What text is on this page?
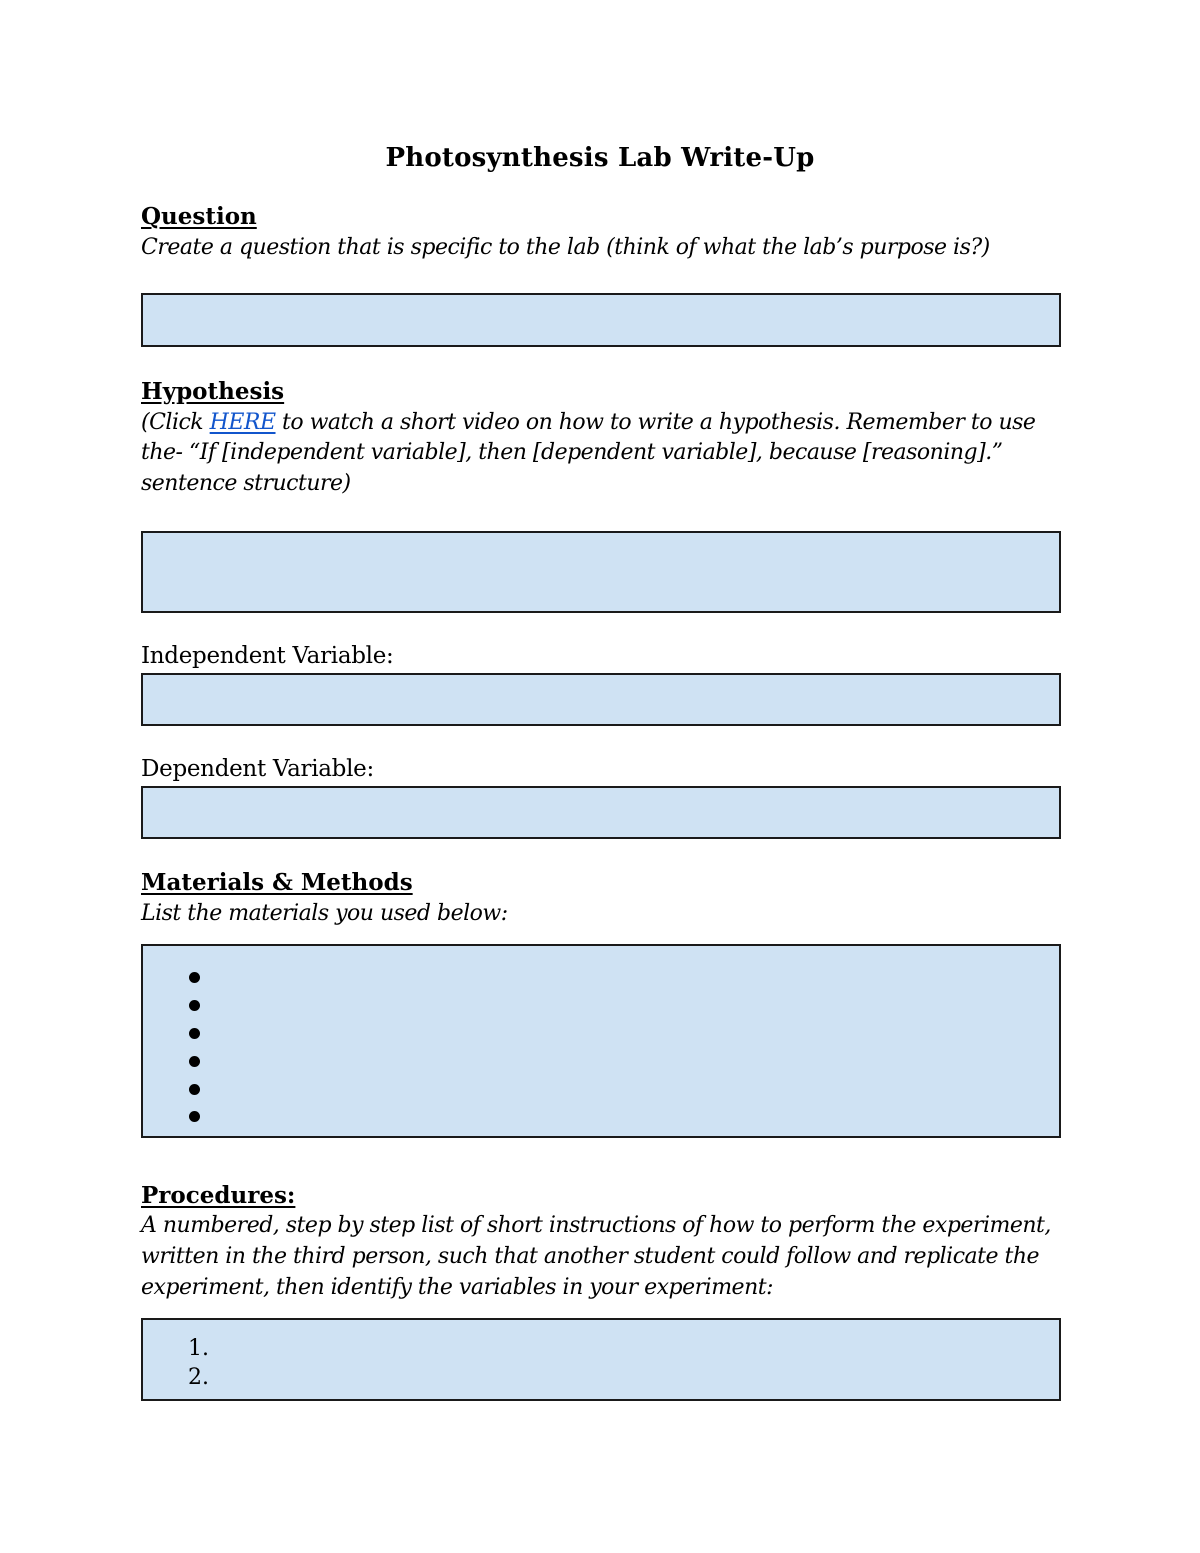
Photosynthesis Lab Write-Up
Question
Create a question that is specific to the lab (think of what the lab’s purpose is?)
Hypothesis
(Click HERE to watch a short video on how to write a hypothesis. Remember to use
the- “If [independent variable], then [dependent variable], because [reasoning].”
sentence structure)
Independent Variable:
Dependent Variable:
Materials & Methods
List the materials you used below:
Procedures:
A numbered, step by step list of short instructions of how to perform the experiment,
written in the third person, such that another student could follow and replicate the
experiment, then identify the variables in your experiment:
1.
2.
